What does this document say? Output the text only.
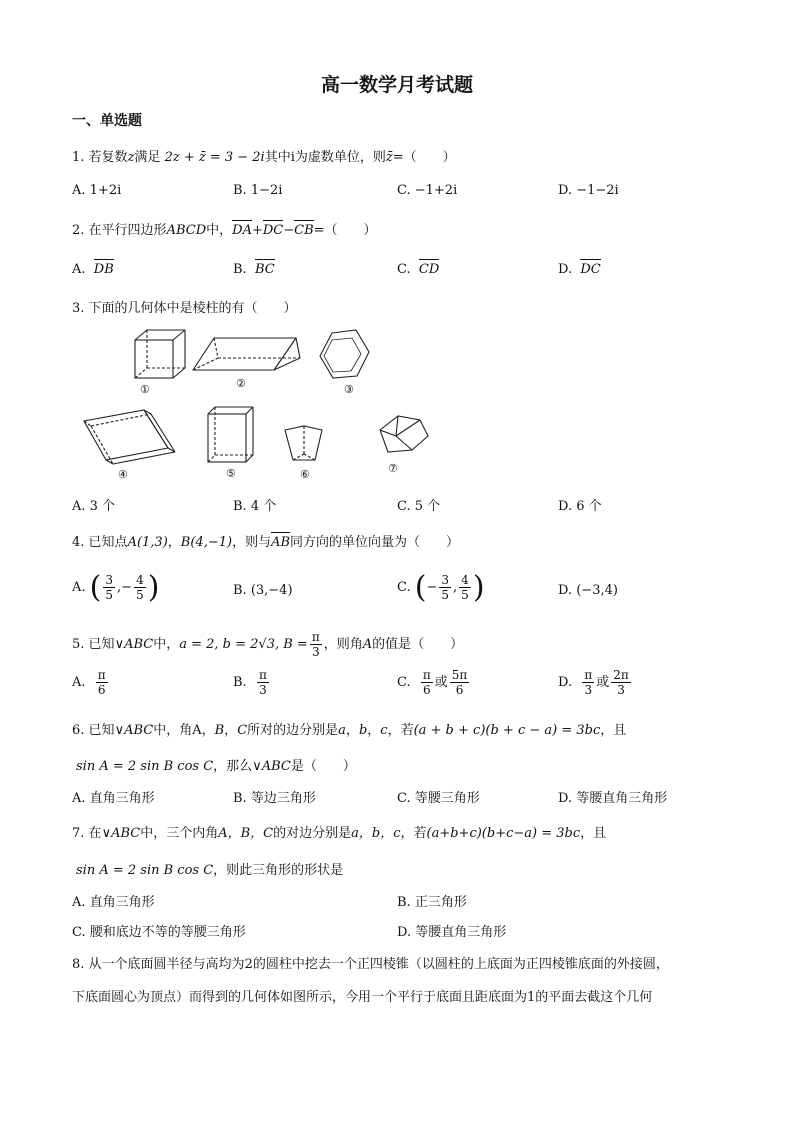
高一数学月考试题
一、单选题
1. 若复数z满足 2z + z̄ = 3 − 2i其中i为虚数单位，则z̄=（　　）
A. 1+2i	B. 1−2i	C. −1+2i	D. −1−2i
2. 在平行四边形ABCD中，DA+DC−CB=（　　）
A. DB	B. BC	C. CD	D. DC
3. 下面的几何体中是棱柱的有（　　）
①	②	③
④	⑤	⑥	⑦
A. 3 个	B. 4 个	C. 5 个	D. 6 个
4. 已知点A(1,3)，B(4,−1)，则与AB同方向的单位向量为（　　）
A. ( $\frac{3}{5}$ ,− $\frac{4}{5}$ )	B. (3,−4)	C. (− $\frac{3}{5}$ , $\frac{4}{5}$ )	D. (−3,4)
5. 已知∨ABC中，a = 2, b = 2√3, $B = \frac{\pi}{3}$ ，则角A的值是（　　）
A. $\frac{\pi}{6}$	B. $\frac{\pi}{3}$	C. $\frac{\pi}{6}$ 或 $\frac{5\pi}{6}$	D. $\frac{\pi}{3}$ 或 $\frac{2\pi}{3}$
6. 已知∨ABC中，角A，B，C所对的边分别是a，b，c，若(a + b + c)(b + c − a) = 3bc，且
sin A = 2 sin B cos C，那么∨ABC是（　　）
A. 直角三角形	B. 等边三角形	C. 等腰三角形	D. 等腰直角三角形
7. 在∨ABC中，三个内角A，B，C的对边分别是a，b，c，若(a+b+c)(b+c−a) = 3bc，且
sin A = 2 sin B cos C，则此三角形的形状是
A. 直角三角形	B. 正三角形
C. 腰和底边不等的等腰三角形	D. 等腰直角三角形
8. 从一个底面圆半径与高均为2的圆柱中挖去一个正四棱锥（以圆柱的上底面为正四棱锥底面的外接圆，
下底面圆心为顶点）而得到的几何体如图所示，今用一个平行于底面且距底面为1的平面去截这个几何
